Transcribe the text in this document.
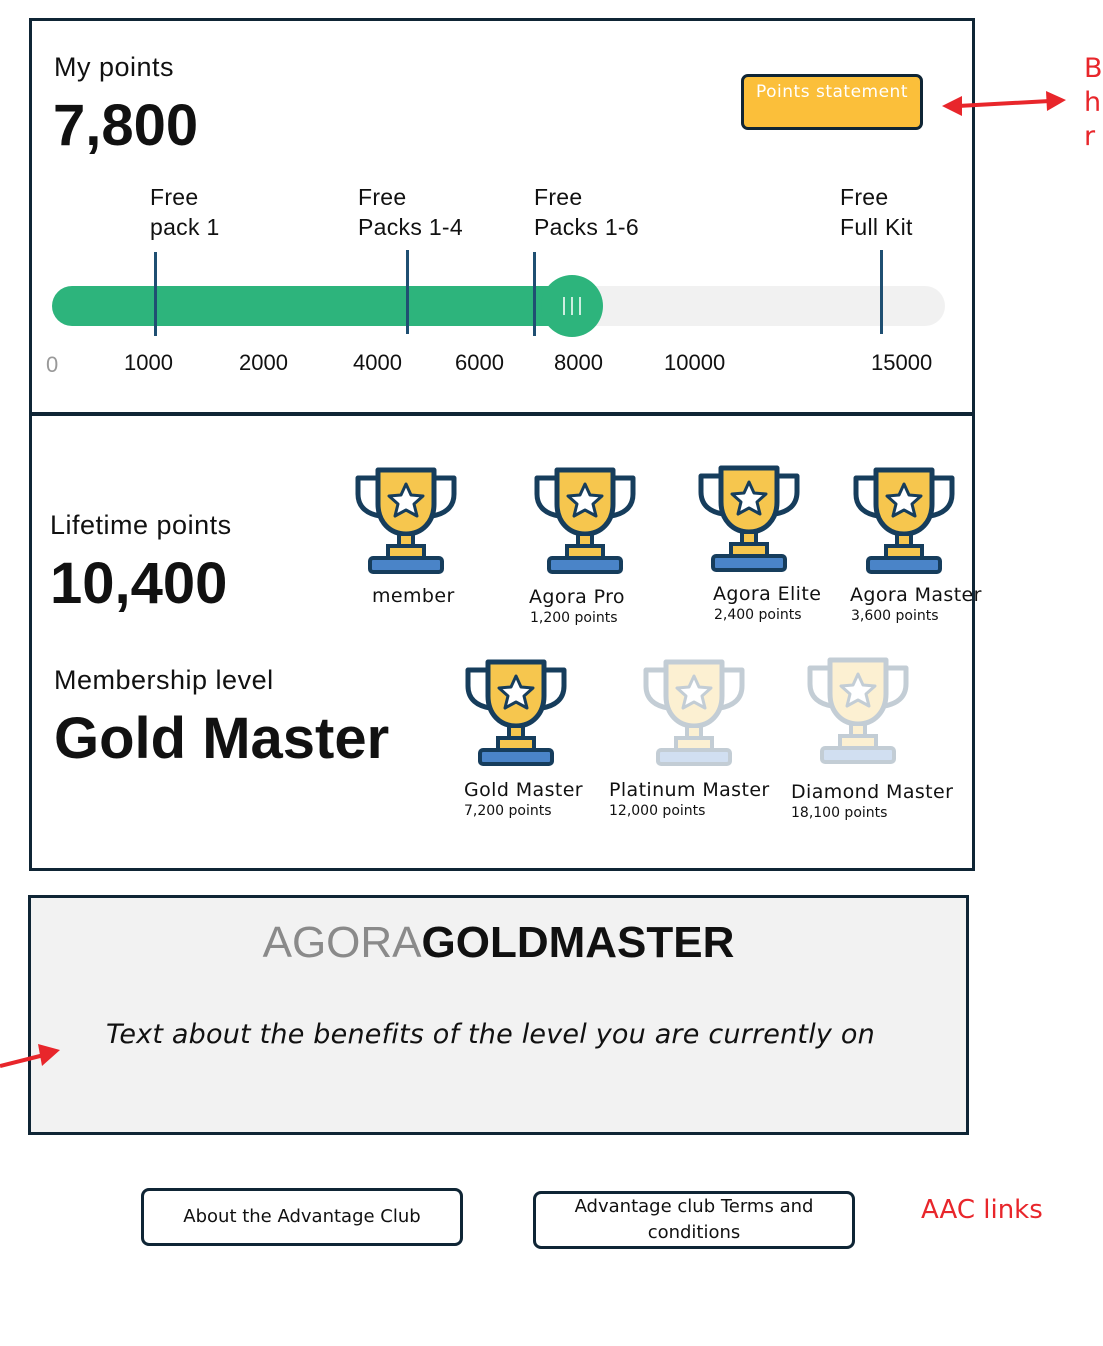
My points
7,800
Points statement
Free
pack 1
Free
Packs 1-4
Free
Packs 1-6
Free
Full Kit
0	1000	2000	4000 6000 8000	10000	15000
Lifetime points
10,400
Membership level
Gold Master
member	Agora Pro
1,200 points
Agora Elite
2,400 points
Agora Master
3,600 points
Gold Master
7,200 points
Platinum Master
12,000 points
Diamond Master
18,100 points
AGORAGOLDMASTER
Text about the benefits of the level you are currently on
About the Advantage Club	Advantage club Terms and conditions
AAC links
B
h
r
